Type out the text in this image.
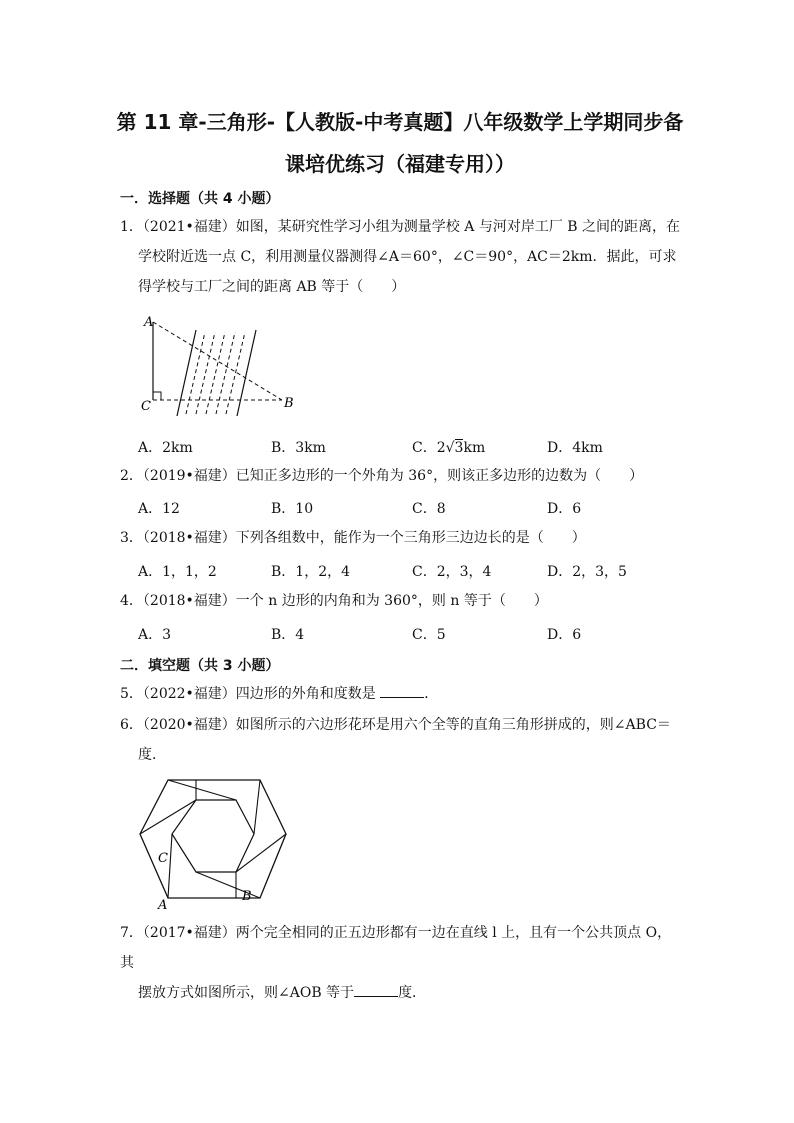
第 11 章-三角形-【人教版-中考真题】八年级数学上学期同步备
课培优练习（福建专用））
一．选择题（共 4 小题）
1．（2021•福建）如图，某研究性学习小组为测量学校 A 与河对岸工厂 B 之间的距离，在
学校附近选一点 C，利用测量仪器测得∠A＝60°，∠C＝90°，AC＝2km．据此，可求
得学校与工厂之间的距离 AB 等于（　　）
A
C	B
A．2km	B．3km	C．2√3km	D．4km
2．（2019•福建）已知正多边形的一个外角为 36°，则该正多边形的边数为（　　）
A．12	B．10	C．8	D．6
3．（2018•福建）下列各组数中，能作为一个三角形三边边长的是（　　）
A．1，1，2	B．1，2，4	C．2，3，4	D．2，3，5
4．（2018•福建）一个 n 边形的内角和为 360°，则 n 等于（　　）
A．3	B．4	C．5	D．6
二．填空题（共 3 小题）
5．（2022•福建）四边形的外角和度数是	．
6．（2020•福建）如图所示的六边形花环是用六个全等的直角三角形拼成的，则∠ABC＝
度．
C
A
B
7．（2017•福建）两个完全相同的正五边形都有一边在直线 l 上，且有一个公共顶点 O，其
摆放方式如图所示，则∠AOB 等于	度．
